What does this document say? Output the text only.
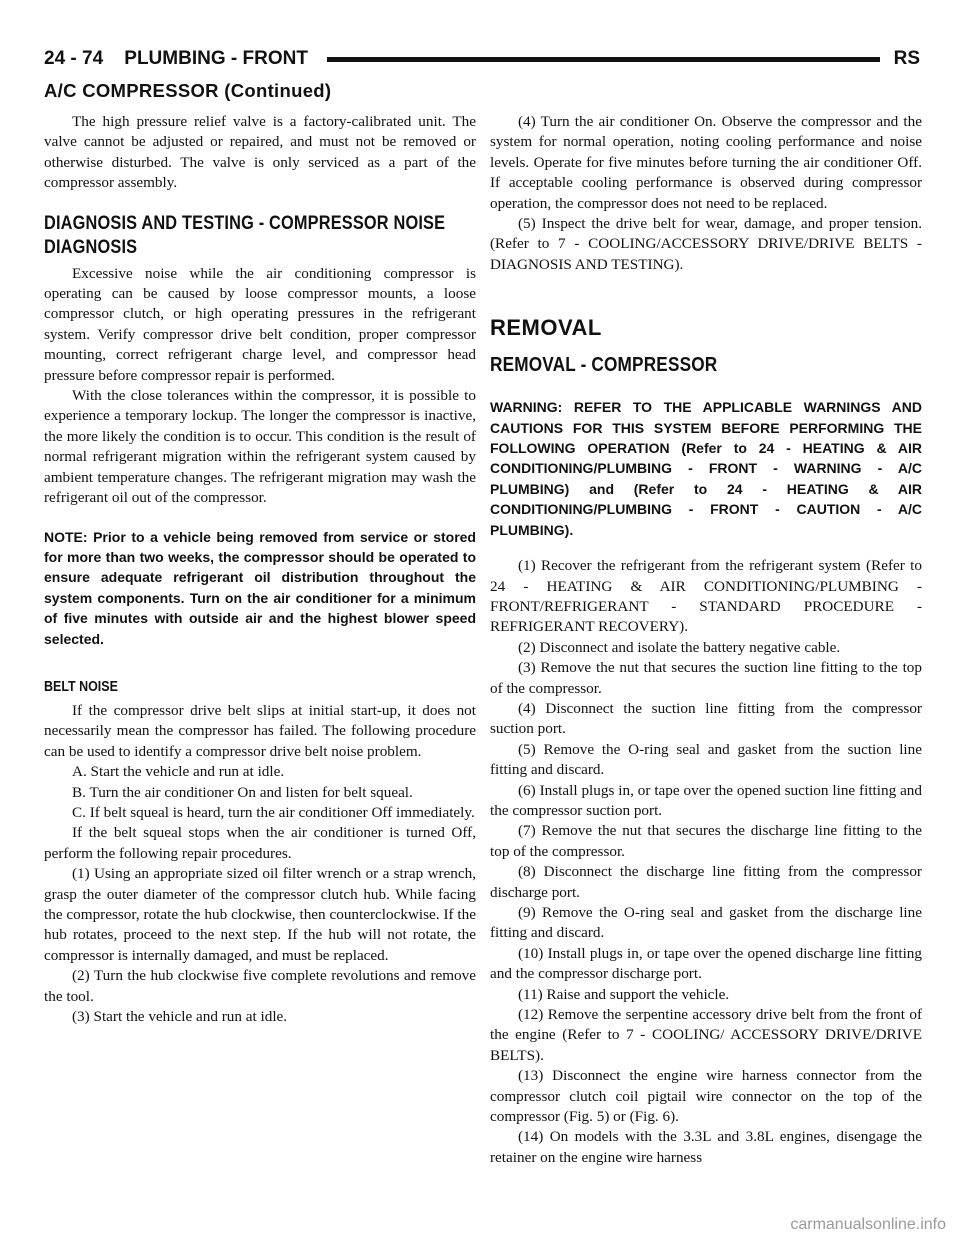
24 - 74 PLUMBING - FRONT	RS
A/C COMPRESSOR (Continued)

The high pressure relief valve is a factory-calibrated unit. The valve cannot be adjusted or repaired, and must not be removed or otherwise disturbed. The valve is only serviced as a part of the compressor assembly.

DIAGNOSIS AND TESTING - COMPRESSOR NOISE DIAGNOSIS

Excessive noise while the air conditioning compressor is operating can be caused by loose compressor mounts, a loose compressor clutch, or high operating pressures in the refrigerant system. Verify compressor drive belt condition, proper compressor mounting, correct refrigerant charge level, and compressor head pressure before compressor repair is performed.

With the close tolerances within the compressor, it is possible to experience a temporary lockup. The longer the compressor is inactive, the more likely the condition is to occur. This condition is the result of normal refrigerant migration within the refrigerant system caused by ambient temperature changes. The refrigerant migration may wash the refrigerant oil out of the compressor.

NOTE: Prior to a vehicle being removed from service or stored for more than two weeks, the compressor should be operated to ensure adequate refrigerant oil distribution throughout the system components. Turn on the air conditioner for a minimum of five minutes with outside air and the highest blower speed selected.
BELT NOISE

If the compressor drive belt slips at initial start-up, it does not necessarily mean the compressor has failed. The following procedure can be used to identify a compressor drive belt noise problem.

A. Start the vehicle and run at idle.

B. Turn the air conditioner On and listen for belt squeal.

C. If belt squeal is heard, turn the air conditioner Off immediately.

If the belt squeal stops when the air conditioner is turned Off, perform the following repair procedures.

(1) Using an appropriate sized oil filter wrench or a strap wrench, grasp the outer diameter of the compressor clutch hub. While facing the compressor, rotate the hub clockwise, then counterclockwise. If the hub rotates, proceed to the next step. If the hub will not rotate, the compressor is internally damaged, and must be replaced.

(2) Turn the hub clockwise five complete revolutions and remove the tool.

(3) Start the vehicle and run at idle.

(4) Turn the air conditioner On. Observe the compressor and the system for normal operation, noting cooling performance and noise levels. Operate for five minutes before turning the air conditioner Off. If acceptable cooling performance is observed during compressor operation, the compressor does not need to be replaced.

(5) Inspect the drive belt for wear, damage, and proper tension. (Refer to 7 - COOLING/ACCESSORY DRIVE/DRIVE BELTS - DIAGNOSIS AND TESTING).

REMOVAL
REMOVAL - COMPRESSOR
WARNING: REFER TO THE APPLICABLE WARNINGS AND CAUTIONS FOR THIS SYSTEM BEFORE PERFORMING THE FOLLOWING OPERATION (Refer to 24 - HEATING & AIR CONDITIONING/PLUMBING - FRONT - WARNING - A/C PLUMBING) and (Refer to 24 - HEATING & AIR CONDITIONING/PLUMBING - FRONT - CAUTION - A/C PLUMBING).

(1) Recover the refrigerant from the refrigerant system (Refer to 24 - HEATING & AIR CONDITIONING/PLUMBING - FRONT/REFRIGERANT - STANDARD PROCEDURE - REFRIGERANT RECOVERY).

(2) Disconnect and isolate the battery negative cable.

(3) Remove the nut that secures the suction line fitting to the top of the compressor.

(4) Disconnect the suction line fitting from the compressor suction port.

(5) Remove the O-ring seal and gasket from the suction line fitting and discard.

(6) Install plugs in, or tape over the opened suction line fitting and the compressor suction port.

(7) Remove the nut that secures the discharge line fitting to the top of the compressor.

(8) Disconnect the discharge line fitting from the compressor discharge port.

(9) Remove the O-ring seal and gasket from the discharge line fitting and discard.

(10) Install plugs in, or tape over the opened discharge line fitting and the compressor discharge port.

(11) Raise and support the vehicle.

(12) Remove the serpentine accessory drive belt from the front of the engine (Refer to 7 - COOLING/ ACCESSORY DRIVE/DRIVE BELTS).

(13) Disconnect the engine wire harness connector from the compressor clutch coil pigtail wire connector on the top of the compressor (Fig. 5) or (Fig. 6).

(14) On models with the 3.3L and 3.8L engines, disengage the retainer on the engine wire harness

carmanualsonline.info
